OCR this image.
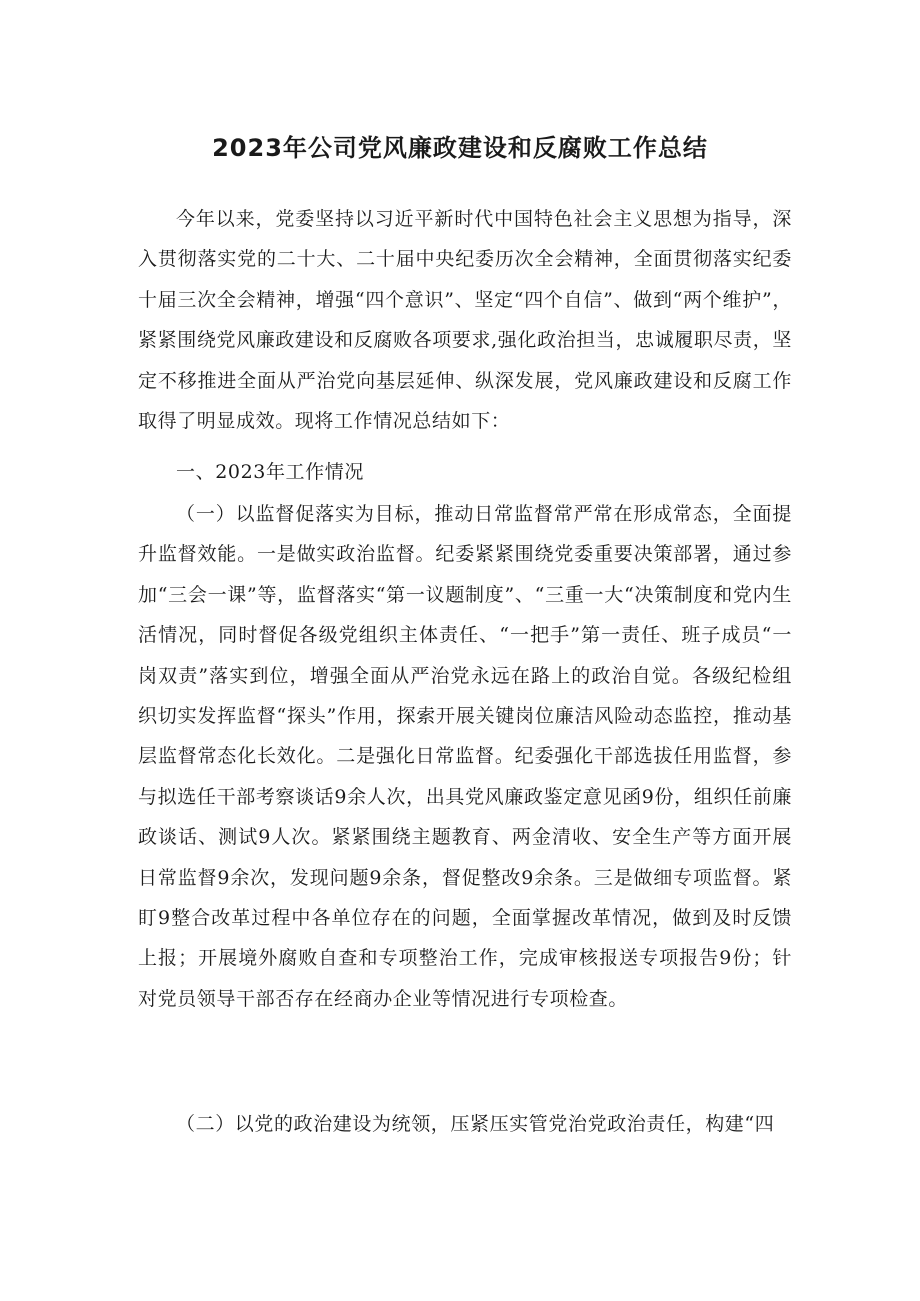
2023年公司党风廉政建设和反腐败工作总结

今年以来，党委坚持以习近平新时代中国特色社会主义思想为指导，深入贯彻落实党的二十大、二十届中央纪委历次全会精神，全面贯彻落实纪委十届三次全会精神，增强“四个意识”、坚定“四个自信”、做到“两个维护”，紧紧围绕党风廉政建设和反腐败各项要求,强化政治担当，忠诚履职尽责，坚定不移推进全面从严治党向基层延伸、纵深发展，党风廉政建设和反腐工作取得了明显成效。现将工作情况总结如下：

一、2023年工作情况

（一）以监督促落实为目标，推动日常监督常严常在形成常态，全面提升监督效能。一是做实政治监督。纪委紧紧围绕党委重要决策部署，通过参加“三会一课”等，监督落实“第一议题制度”、“三重一大“决策制度和党内生活情况，同时督促各级党组织主体责任、“一把手”第一责任、班子成员“一岗双责”落实到位，增强全面从严治党永远在路上的政治自觉。各级纪检组织切实发挥监督“探头”作用，探索开展关键岗位廉洁风险动态监控，推动基层监督常态化长效化。二是强化日常监督。纪委强化干部选拔任用监督，参与拟选任干部考察谈话9余人次，出具党风廉政鉴定意见函9份，组织任前廉政谈话、测试9人次。紧紧围绕主题教育、两金清收、安全生产等方面开展日常监督9余次，发现问题9余条，督促整改9余条。三是做细专项监督。紧盯9整合改革过程中各单位存在的问题，全面掌握改革情况，做到及时反馈上报；开展境外腐败自查和专项整治工作，完成审核报送专项报告9份；针对党员领导干部否存在经商办企业等情况进行专项检查。

（二）以党的政治建设为统领，压紧压实管党治党政治责任，构建“四
